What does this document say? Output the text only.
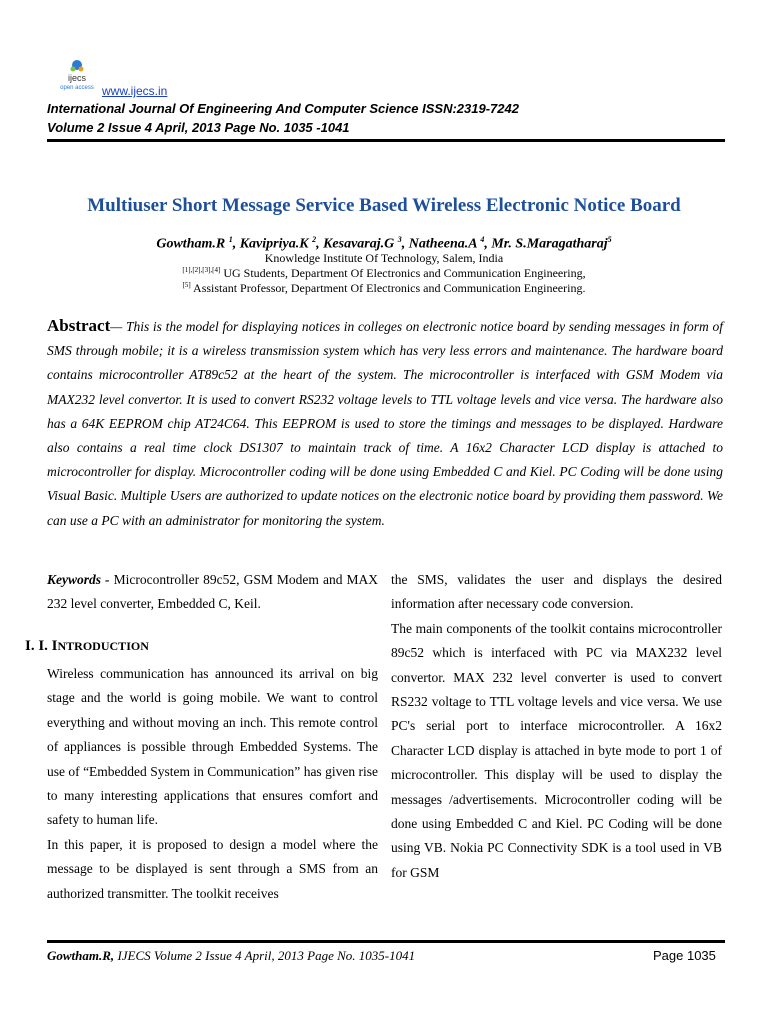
ijecs
open access www.ijecs.in
International Journal Of Engineering And Computer Science ISSN:2319-7242
Volume 2 Issue 4 April, 2013 Page No. 1035 -1041
Multiuser Short Message Service Based Wireless Electronic Notice Board
Gowtham.R $^1$, Kavipriya.K $^2$, Kesavaraj.G $^3$, Natheena.A $^4$, Mr. S.Maragatharaj$^5$
Knowledge Institute Of Technology, Salem, India
[1],[2],[3],[4] UG Students, Department Of Electronics and Communication Engineering,
[5] Assistant Professor, Department Of Electronics and Communication Engineering.
Abstract— This is the model for displaying notices in colleges on electronic notice board by sending messages in form of SMS through mobile; it is a wireless transmission system which has very less errors and maintenance. The hardware board contains microcontroller AT89c52 at the heart of the system. The microcontroller is interfaced with GSM Modem via MAX232 level convertor. It is used to convert RS232 voltage levels to TTL voltage levels and vice versa. The hardware also has a 64K EEPROM chip AT24C64. This EEPROM is used to store the timings and messages to be displayed. Hardware also contains a real time clock DS1307 to maintain track of time. A 16x2 Character LCD display is attached to microcontroller for display. Microcontroller coding will be done using Embedded C and Kiel. PC Coding will be done using Visual Basic. Multiple Users are authorized to update notices on the electronic notice board by providing them password. We can use a PC with an administrator for monitoring the system.
Keywords - Microcontroller 89c52, GSM Modem and MAX 232 level converter, Embedded C, Keil.
I. I. INTRODUCTION
Wireless communication has announced its arrival on big stage and the world is going mobile. We want to control everything and without moving an inch. This remote control of appliances is possible through Embedded Systems. The use of “Embedded System in Communication” has given rise to many interesting applications that ensures comfort and safety to human life.
In this paper, it is proposed to design a model where the message to be displayed is sent through a SMS from an authorized transmitter. The toolkit receives
the SMS, validates the user and displays the desired information after necessary code conversion.
The main components of the toolkit contains microcontroller 89c52 which is interfaced with PC via MAX232 level convertor. MAX 232 level converter is used to convert RS232 voltage to TTL voltage levels and vice versa. We use PC's serial port to interface microcontroller. A 16x2 Character LCD display is attached in byte mode to port 1 of microcontroller. This display will be used to display the messages /advertisements. Microcontroller coding will be done using Embedded C and Kiel. PC Coding will be done using VB. Nokia PC Connectivity SDK is a tool used in VB for GSM
Gowtham.R, IJECS Volume 2 Issue 4 April, 2013 Page No. 1035-1041	Page 1035
